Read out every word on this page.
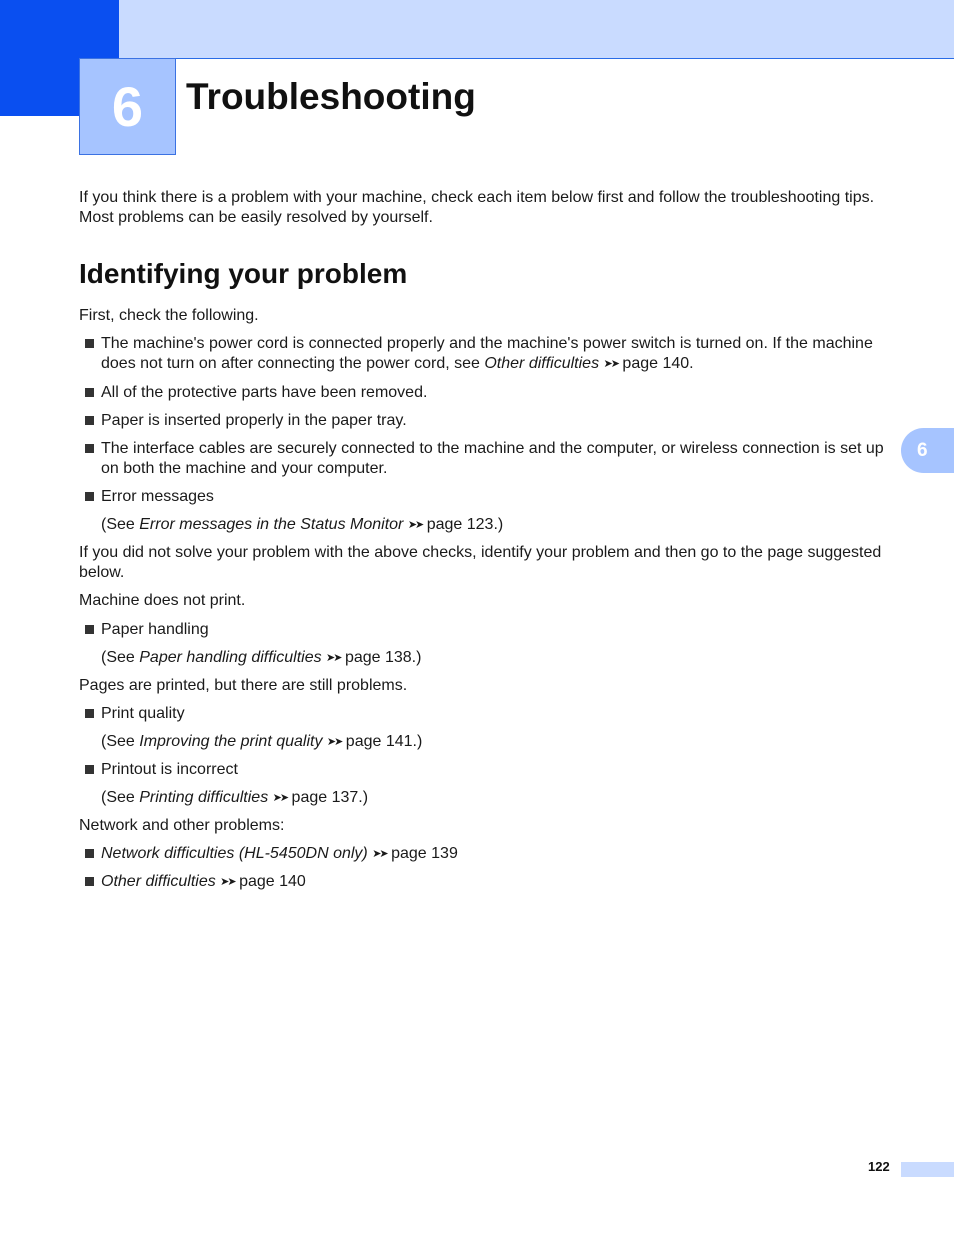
6 Troubleshooting
6

If you think there is a problem with your machine, check each item below first and follow the troubleshooting tips. Most problems can be easily resolved by yourself.

Identifying your problem

First, check the following.

The machine's power cord is connected properly and the machine's power switch is turned on. If the machine does not turn on after connecting the power cord, see Other difficulties ➤➤ page 140.
All of the protective parts have been removed.
Paper is inserted properly in the paper tray.
The interface cables are securely connected to the machine and the computer, or wireless connection is set up on both the machine and your computer.
Error messages
(See Error messages in the Status Monitor ➤➤ page 123.)

If you did not solve your problem with the above checks, identify your problem and then go to the page suggested below.

Machine does not print.

Paper handling
(See Paper handling difficulties ➤➤ page 138.)

Pages are printed, but there are still problems.

Print quality
(See Improving the print quality ➤➤ page 141.)
Printout is incorrect
(See Printing difficulties ➤➤ page 137.)

Network and other problems:

Network difficulties (HL-5450DN only) ➤➤ page 139
Other difficulties ➤➤ page 140
122
